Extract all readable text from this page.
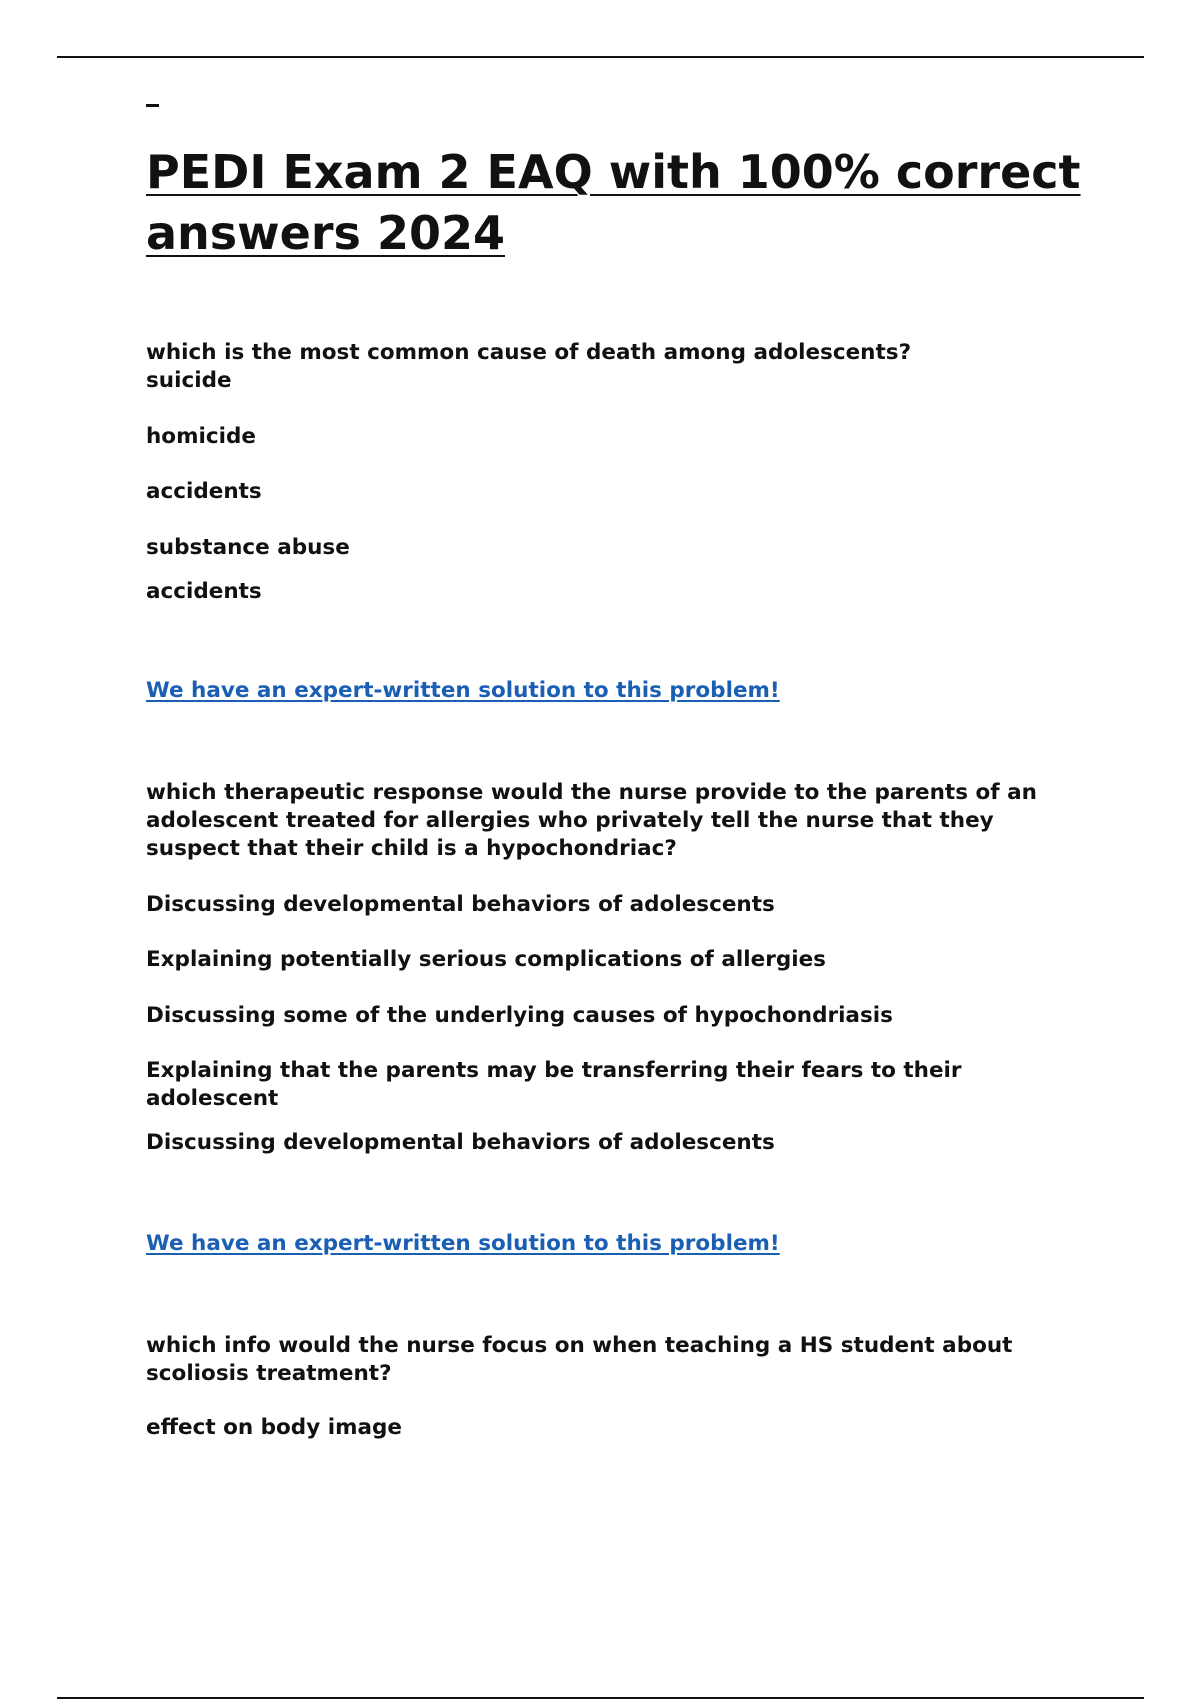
PEDI Exam 2 EAQ with 100% correct answers 2024
which is the most common cause of death among adolescents?
suicide
homicide
accidents
substance abuse
accidents
We have an expert-written solution to this problem!
which therapeutic response would the nurse provide to the parents of an adolescent treated for allergies who privately tell the nurse that they suspect that their child is a hypochondriac?
Discussing developmental behaviors of adolescents
Explaining potentially serious complications of allergies
Discussing some of the underlying causes of hypochondriasis
Explaining that the parents may be transferring their fears to their adolescent
Discussing developmental behaviors of adolescents
We have an expert-written solution to this problem!
which info would the nurse focus on when teaching a HS student about scoliosis treatment?
effect on body image
